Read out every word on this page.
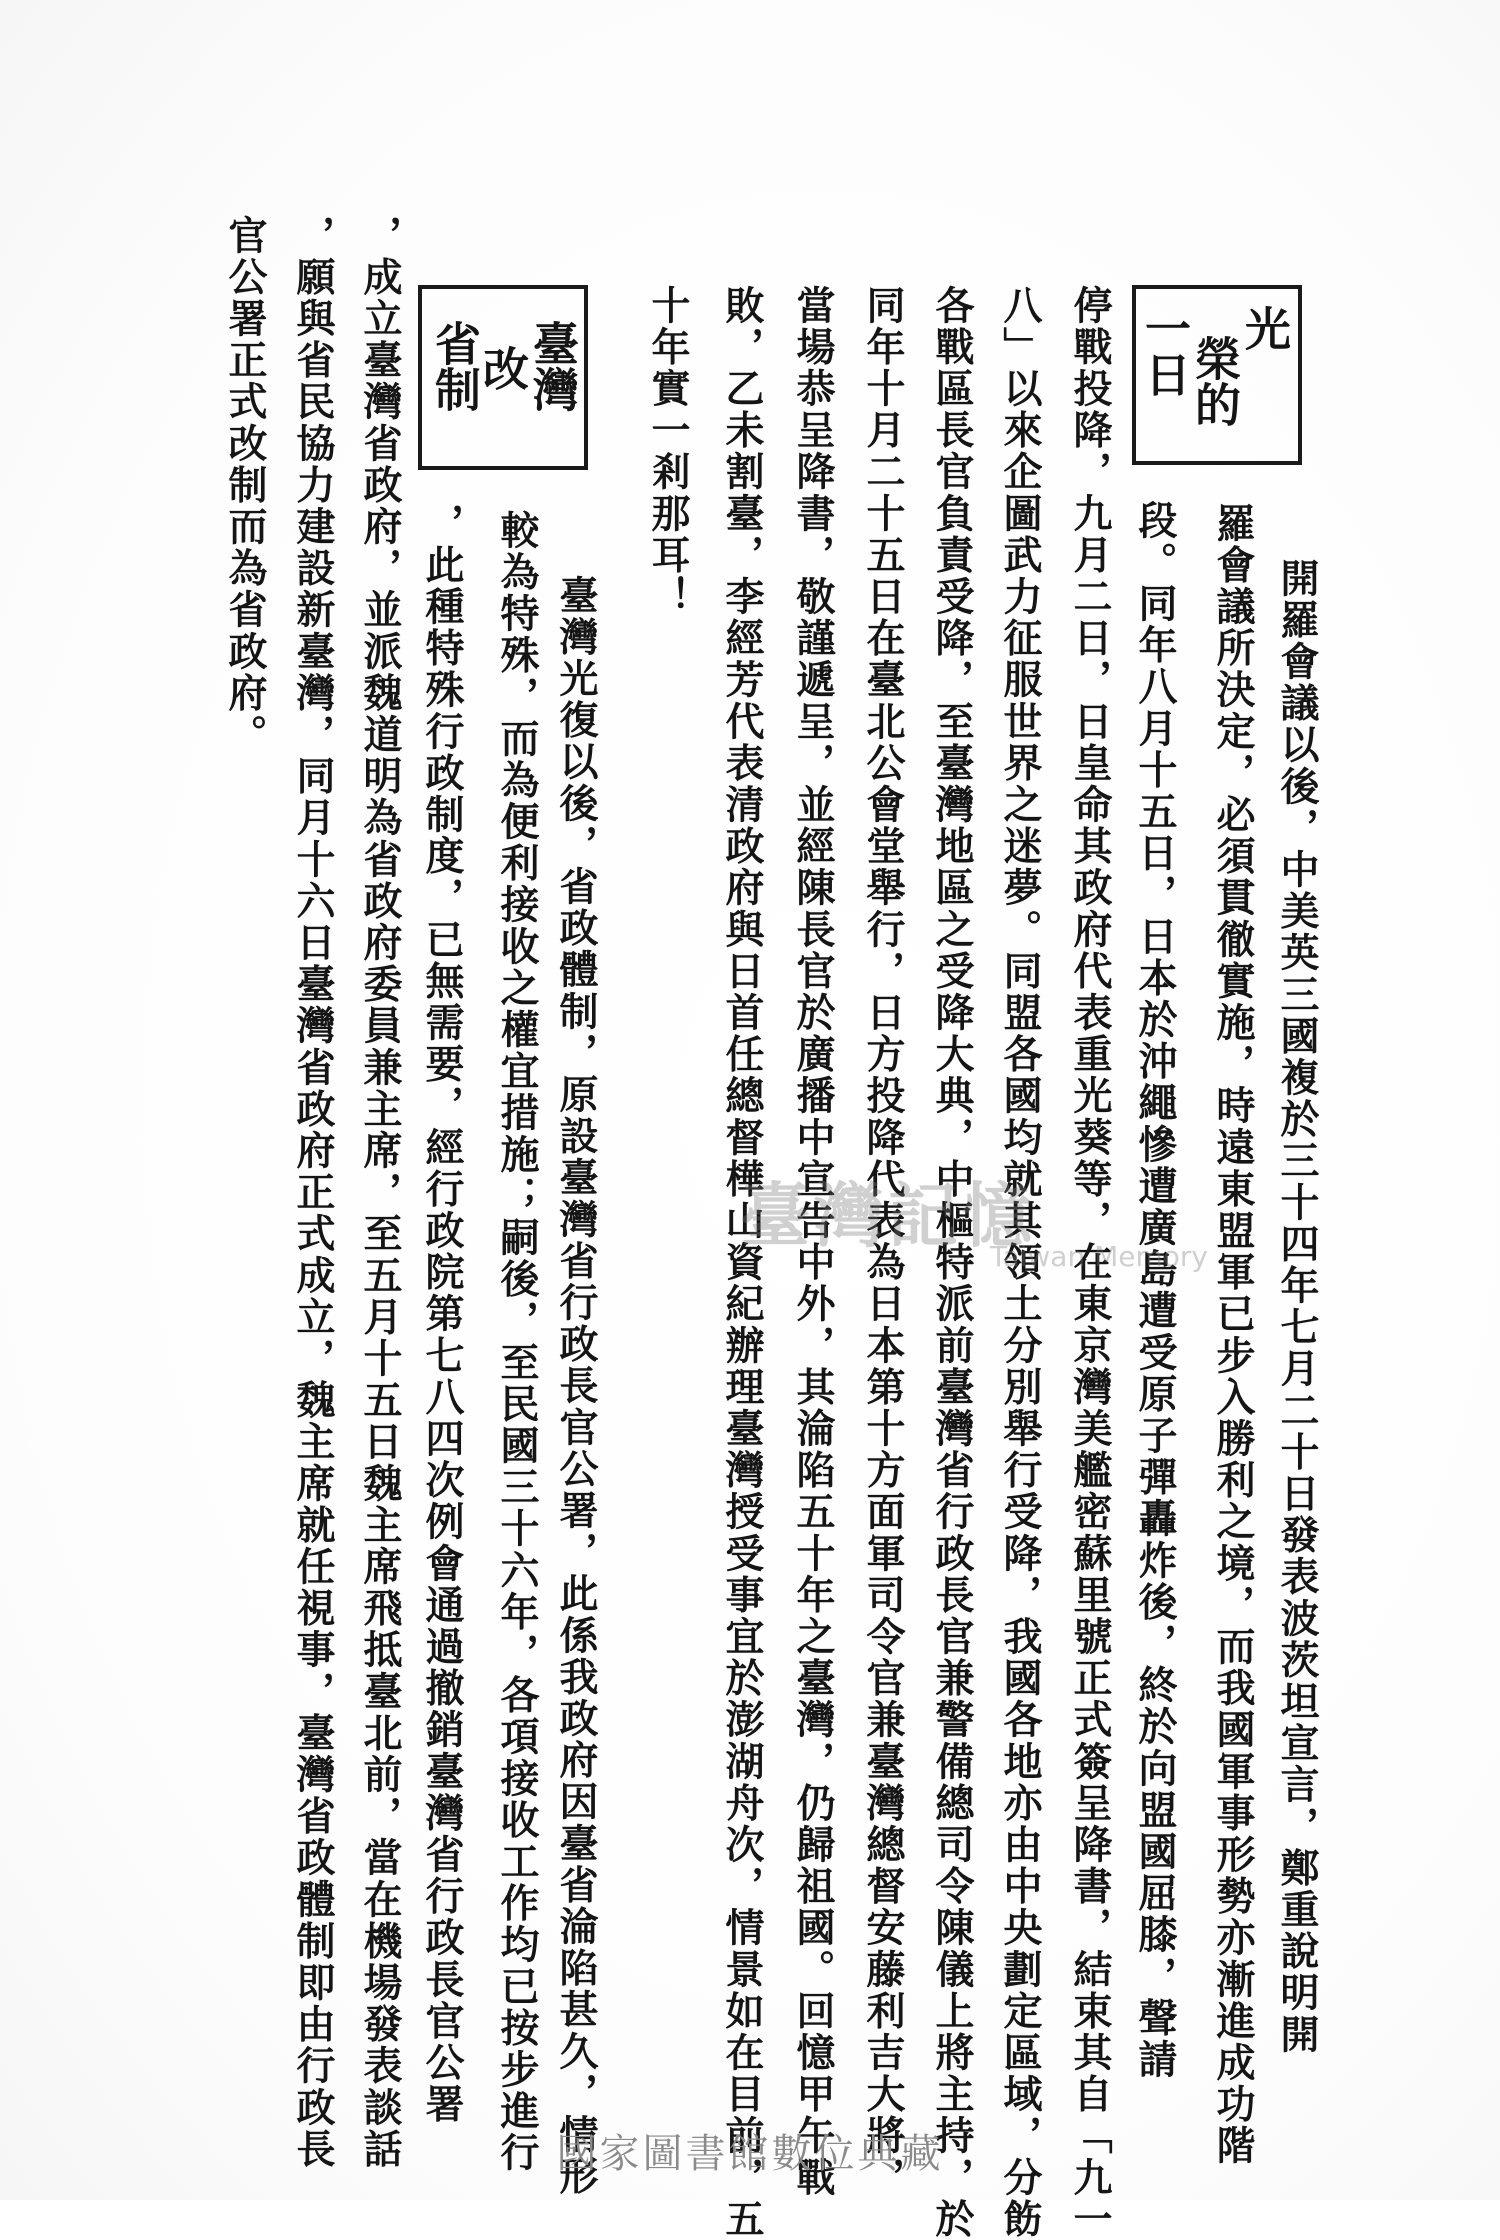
光
榮的
一日
開羅會議以後，中美英三國複於三十四年七月二十日發表波茨坦宣言，鄭重說明開
羅會議所決定，必須貫徹實施，時遠東盟軍已步入勝利之境，而我國軍事形勢亦漸進成功階
段。同年八月十五日，日本於沖繩慘遭廣島遭受原子彈轟炸後，終於向盟國屈膝，聲請
停戰投降，九月二日，日皇命其政府代表重光葵等，在東京灣美艦密蘇里號正式簽呈降書，結束其自「九一
八」以來企圖武力征服世界之迷夢。同盟各國均就其領土分別舉行受降，我國各地亦由中央劃定區域，分飭
各戰區長官負責受降，至臺灣地區之受降大典，中樞特派前臺灣省行政長官兼警備總司令陳儀上將主持，於
同年十月二十五日在臺北公會堂舉行，日方投降代表為日本第十方面軍司令官兼臺灣總督安藤利吉大將，
當場恭呈降書，敬謹遞呈，並經陳長官於廣播中宣告中外，其淪陷五十年之臺灣，仍歸祖國。回憶甲午戰
敗，乙未割臺，李經芳代表清政府與日首任總督樺山資紀辦理臺灣授受事宜於澎湖舟次，情景如在目前，五
十年實一剎那耳！
臺灣
改
省制
臺灣光復以後，省政體制，原設臺灣省行政長官公署，此係我政府因臺省淪陷甚久，情形
較為特殊，而為便利接收之權宜措施；嗣後，至民國三十六年，各項接收工作均已按步進行
，此種特殊行政制度，已無需要，經行政院第七八四次例會通過撤銷臺灣省行政長官公署
，成立臺灣省政府，並派魏道明為省政府委員兼主席，至五月十五日魏主席飛抵臺北前，當在機場發表談話
，願與省民協力建設新臺灣，同月十六日臺灣省政府正式成立，魏主席就任視事，臺灣省政體制即由行政長
官公署正式改制而為省政府。
臺灣記憶
Taiwan Memory
國家圖書館數位典藏
